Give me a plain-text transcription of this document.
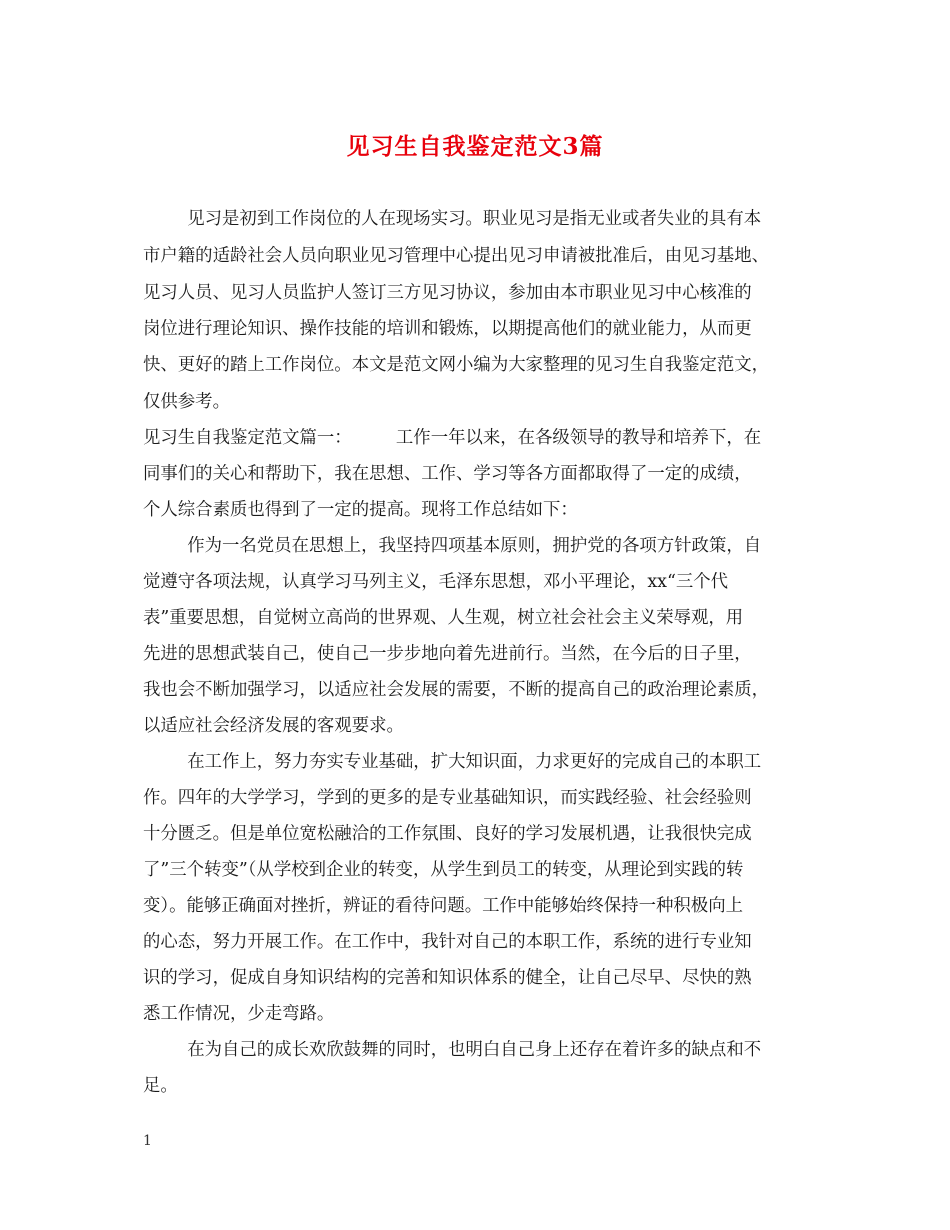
见习生自我鉴定范文3篇
见习是初到工作岗位的人在现场实习。职业见习是指无业或者失业的具有本
市户籍的适龄社会人员向职业见习管理中心提出见习申请被批准后，由见习基地、
见习人员、见习人员监护人签订三方见习协议，参加由本市职业见习中心核准的
岗位进行理论知识、操作技能的培训和锻炼，以期提高他们的就业能力，从而更
快、更好的踏上工作岗位。本文是范文网小编为大家整理的见习生自我鉴定范文，
仅供参考。
见习生自我鉴定范文篇一：        工作一年以来，在各级领导的教导和培养下，在
同事们的关心和帮助下，我在思想、工作、学习等各方面都取得了一定的成绩，
个人综合素质也得到了一定的提高。现将工作总结如下：
作为一名党员在思想上，我坚持四项基本原则，拥护党的各项方针政策，自
觉遵守各项法规，认真学习马列主义，毛泽东思想，邓小平理论，xx“三个代
表”重要思想，自觉树立高尚的世界观、人生观，树立社会社会主义荣辱观，用
先进的思想武装自己，使自己一步步地向着先进前行。当然，在今后的日子里，
我也会不断加强学习，以适应社会发展的需要，不断的提高自己的政治理论素质，
以适应社会经济发展的客观要求。
在工作上，努力夯实专业基础，扩大知识面，力求更好的完成自己的本职工
作。四年的大学学习，学到的更多的是专业基础知识，而实践经验、社会经验则
十分匮乏。但是单位宽松融洽的工作氛围、良好的学习发展机遇，让我很快完成
了”三个转变”（从学校到企业的转变，从学生到员工的转变，从理论到实践的转
变）。能够正确面对挫折，辨证的看待问题。工作中能够始终保持一种积极向上
的心态，努力开展工作。在工作中，我针对自己的本职工作，系统的进行专业知
识的学习，促成自身知识结构的完善和知识体系的健全，让自己尽早、尽快的熟
悉工作情况，少走弯路。
在为自己的成长欢欣鼓舞的同时，也明白自己身上还存在着许多的缺点和不
足。
1
